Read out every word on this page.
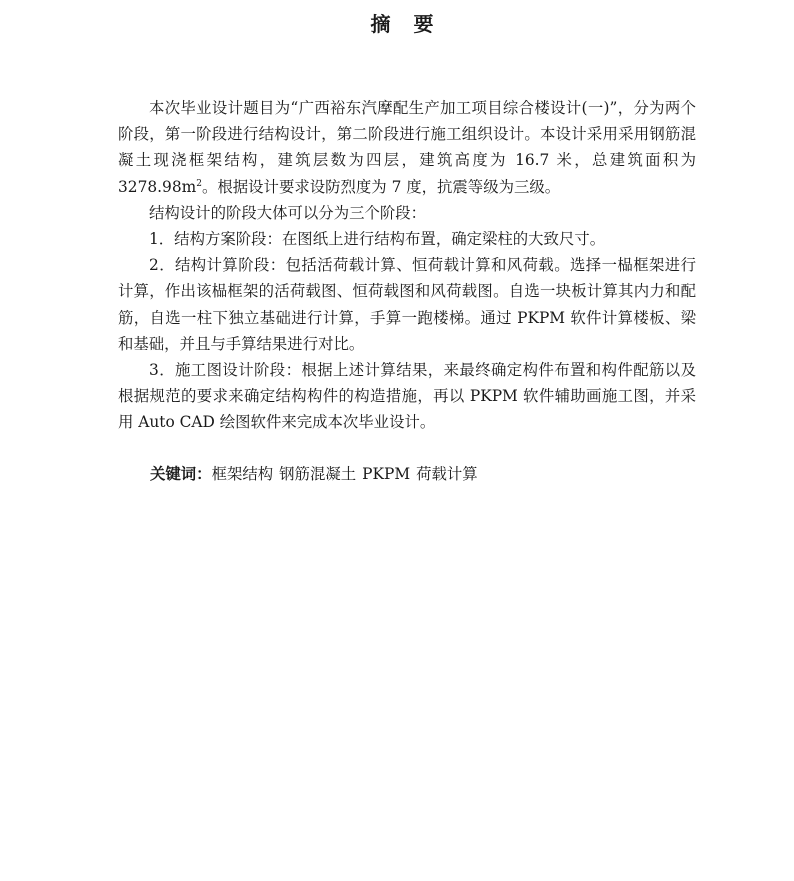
摘 要

本次毕业设计题目为“广西裕东汽摩配生产加工项目综合楼设计(一)”，分为两个阶段，第一阶段进行结构设计，第二阶段进行施工组织设计。本设计采用采用钢筋混凝土现浇框架结构，建筑层数为四层，建筑高度为 16.7 米，总建筑面积为 $3278.98m^2$。根据设计要求设防烈度为 7 度，抗震等级为三级。

结构设计的阶段大体可以分为三个阶段：

1．结构方案阶段：在图纸上进行结构布置，确定梁柱的大致尺寸。

2．结构计算阶段：包括活荷载计算、恒荷载计算和风荷载。选择一榀框架进行计算，作出该榀框架的活荷载图、恒荷载图和风荷载图。自选一块板计算其内力和配筋，自选一柱下独立基础进行计算，手算一跑楼梯。通过 PKPM 软件计算楼板、梁和基础，并且与手算结果进行对比。

3．施工图设计阶段：根据上述计算结果，来最终确定构件布置和构件配筋以及根据规范的要求来确定结构构件的构造措施，再以 PKPM 软件辅助画施工图，并采用 Auto CAD 绘图软件来完成本次毕业设计。

关键词：框架结构 钢筋混凝土 PKPM 荷载计算
